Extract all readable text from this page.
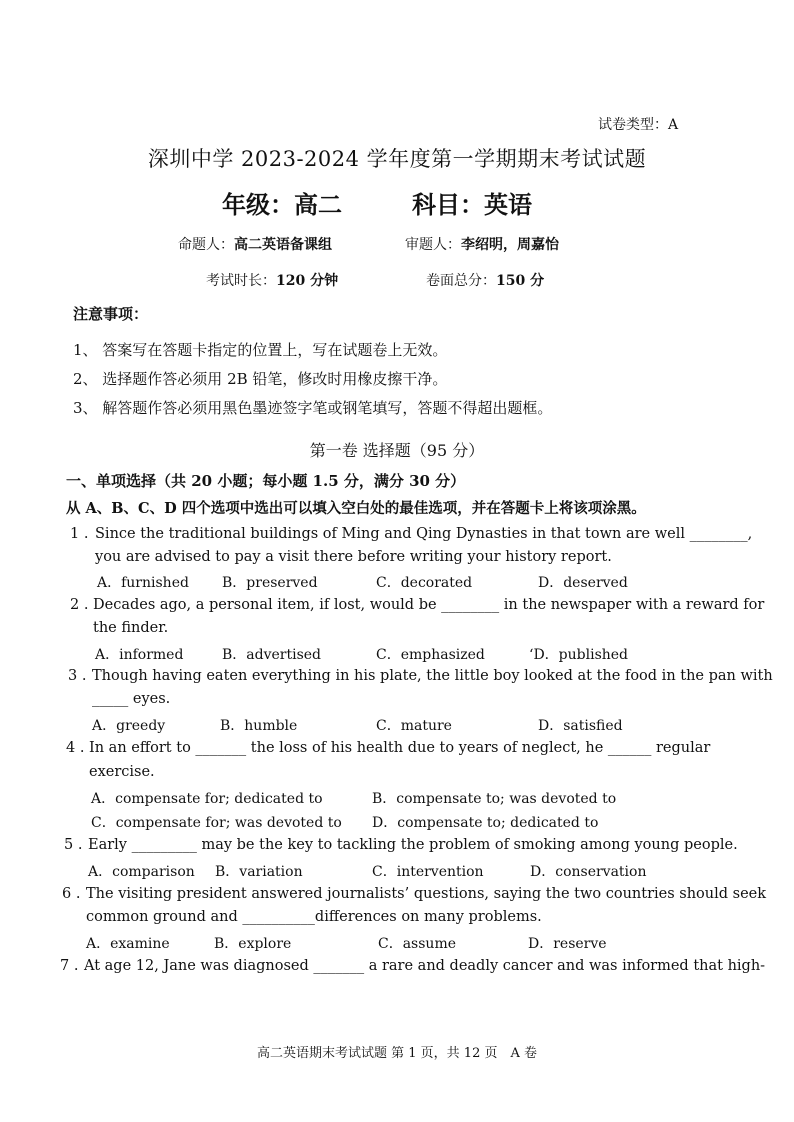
试卷类型：A
深圳中学 2023-2024 学年度第一学期期末考试试题
年级：高二	科目：英语
命题人：高二英语备课组	审题人：李绍明，周嘉怡
考试时长：120 分钟	卷面总分：150 分
注意事项：
1、 答案写在答题卡指定的位置上，写在试题卷上无效。
2、 选择题作答必须用 2B 铅笔，修改时用橡皮擦干净。
3、 解答题作答必须用黑色墨迹签字笔或钢笔填写，答题不得超出题框。
第一卷 选择题（95 分）
一、单项选择（共 20 小题；每小题 1.5 分，满分 30 分）
从 A、B、C、D 四个选项中选出可以填入空白处的最佳选项，并在答题卡上将该项涂黑。
1 . Since the traditional buildings of Ming and Qing Dynasties in that town are well ________,
you are advised to pay a visit there before writing your history report.
A．furnished B．preserved	C．decorated	D．deserved
2 . Decades ago, a personal item, if lost, would be ________ in the newspaper with a reward for
the finder.
A．informed	B．advertised	C．emphasized	‘D．published
3 . Though having eaten everything in his plate, the little boy looked at the food in the pan with
_____ eyes.
A．greedy	B．humble	C．mature	D．satisfied
4 . In an effort to _______ the loss of his health due to years of neglect, he ______ regular
exercise.
A．compensate for; dedicated to	B．compensate to; was devoted to
C．compensate for; was devoted to D．compensate to; dedicated to
5 . Early _________ may be the key to tackling the problem of smoking among young people.
A．comparison B．variation	C．intervention	D．conservation
6 . The visiting president answered journalists’ questions, saying the two countries should seek
common ground and __________differences on many problems.
A．examine	B．explore	C．assume	D．reserve
7 . At age 12, Jane was diagnosed _______ a rare and deadly cancer and was informed that high-
高二英语期末考试试题 第 1 页，共 12 页　A 卷
